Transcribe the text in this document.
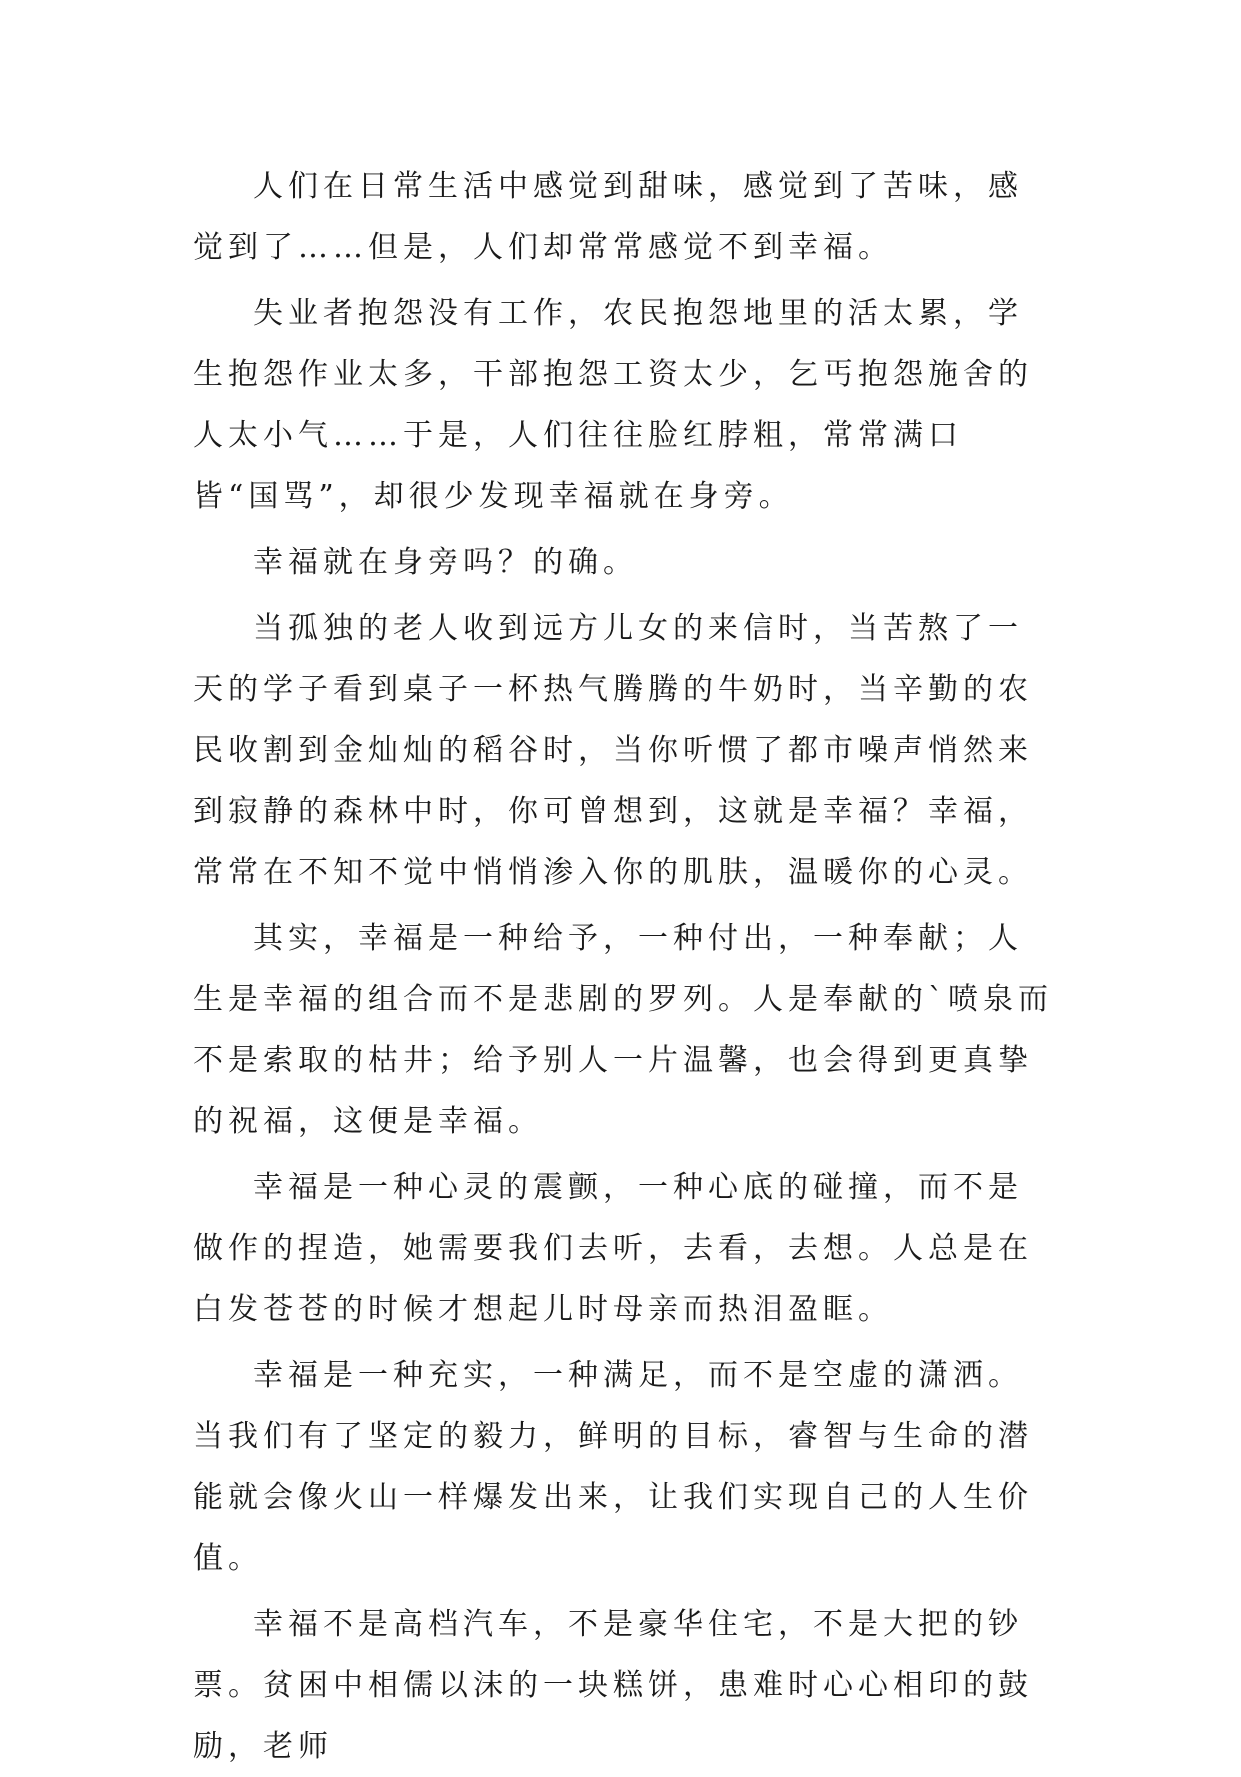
人们在日常生活中感觉到甜味，感觉到了苦味，感觉到了……但是，人们却常常感觉不到幸福。

失业者抱怨没有工作，农民抱怨地里的活太累，学生抱怨作业太多，干部抱怨工资太少，乞丐抱怨施舍的人太小气……于是，人们往往脸红脖粗，常常满口皆“国骂”，却很少发现幸福就在身旁。

幸福就在身旁吗？的确。

当孤独的老人收到远方儿女的来信时，当苦熬了一天的学子看到桌子一杯热气腾腾的牛奶时，当辛勤的农民收割到金灿灿的稻谷时，当你听惯了都市噪声悄然来到寂静的森林中时，你可曾想到，这就是幸福？幸福，常常在不知不觉中悄悄渗入你的肌肤，温暖你的心灵。

其实，幸福是一种给予，一种付出，一种奉献；人生是幸福的组合而不是悲剧的罗列。人是奉献的`喷泉而不是索取的枯井；给予别人一片温馨，也会得到更真挚的祝福，这便是幸福。

幸福是一种心灵的震颤，一种心底的碰撞，而不是做作的捏造，她需要我们去听，去看，去想。人总是在白发苍苍的时候才想起儿时母亲而热泪盈眶。

幸福是一种充实，一种满足，而不是空虚的潇洒。当我们有了坚定的毅力，鲜明的目标，睿智与生命的潜能就会像火山一样爆发出来，让我们实现自己的人生价值。

幸福不是高档汽车，不是豪华住宅，不是大把的钞票。贫困中相儒以沫的一块糕饼，患难时心心相印的鼓励，老师
